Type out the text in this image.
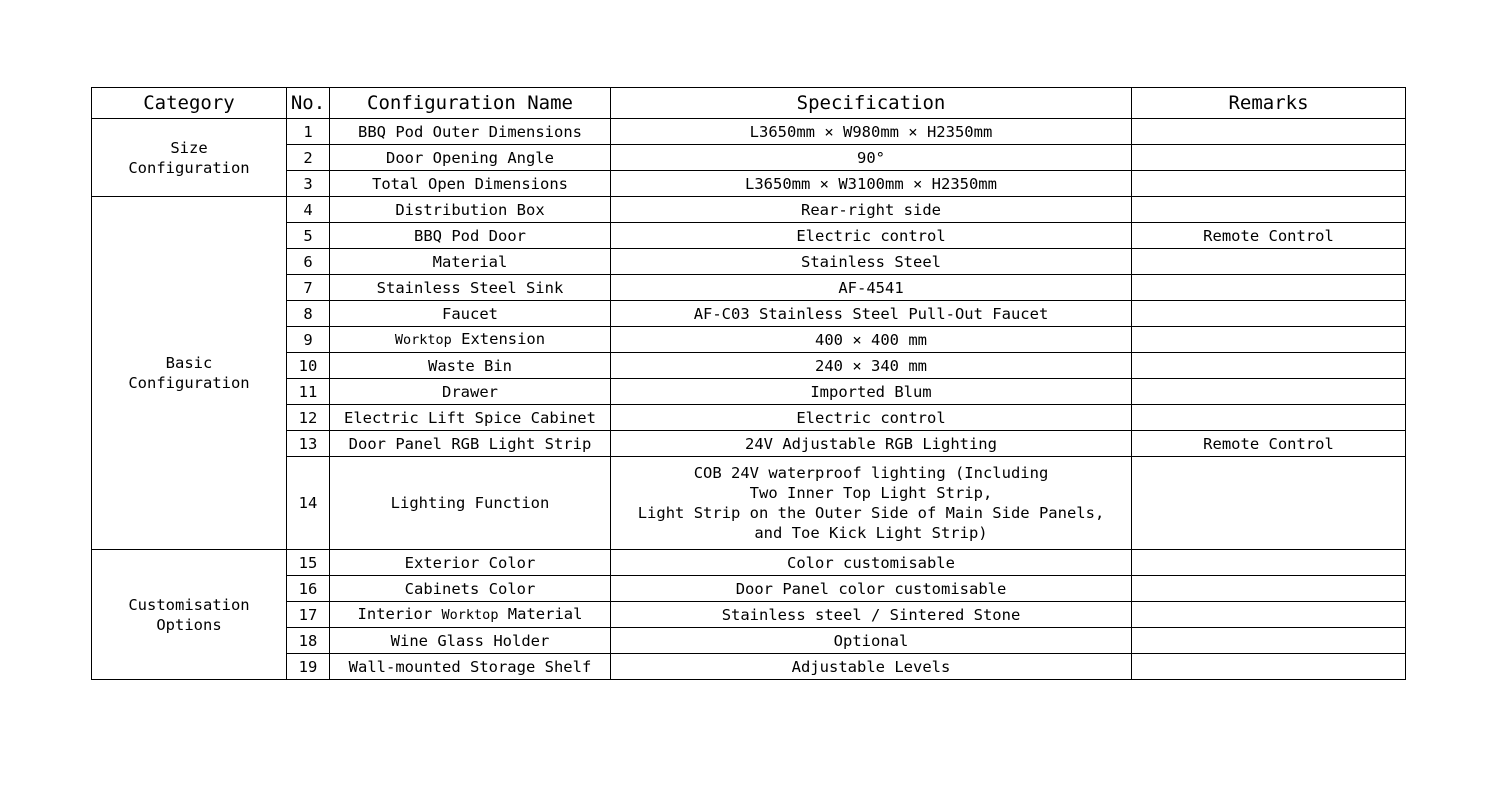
Category	No.	Configuration Name	Specification	Remarks

Size
Configuration	1	BBQ Pod Outer Dimensions	L3650mm × W980mm × H2350mm	
	2	Door Opening Angle	90°	
	3	Total Open Dimensions	L3650mm × W3100mm × H2350mm	

Basic
Configuration	4	Distribution Box	Rear-right side	
	5	BBQ Pod Door	Electric control	Remote Control
	6	Material	Stainless Steel	
	7	Stainless Steel Sink	AF-4541	
	8	Faucet	AF-C03 Stainless Steel Pull-Out Faucet	
	9	Worktop Extension	400 × 400 mm	
	10	Waste Bin	240 × 340 mm	
	11	Drawer	Imported Blum	
	12	Electric Lift Spice Cabinet	Electric control	
	13	Door Panel RGB Light Strip	24V Adjustable RGB Lighting	Remote Control
	14	Lighting Function	COB 24V waterproof lighting (Including
Two Inner Top Light Strip,
Light Strip on the Outer Side of Main Side Panels,
and Toe Kick Light Strip)	

Customisation
Options	15	Exterior Color	Color customisable	
	16	Cabinets Color	Door Panel color customisable	
	17	Interior Worktop Material	Stainless steel / Sintered Stone	
	18	Wine Glass Holder	Optional	
	19	Wall-mounted Storage Shelf	Adjustable Levels	
